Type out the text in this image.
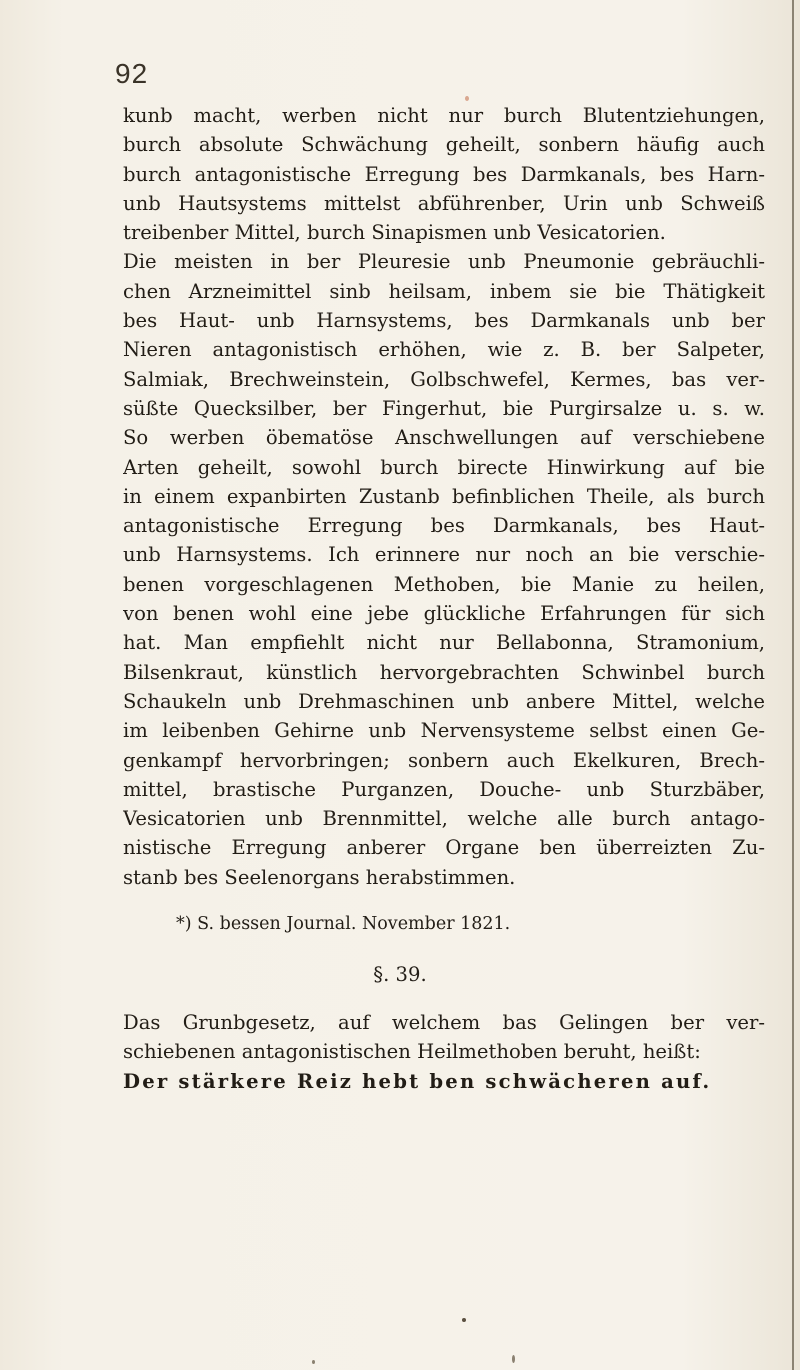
92
kunb macht, werben nicht nur burch Blutentziehungen,
burch absolute Schwächung geheilt, sonbern häufig auch
burch antagonistische Erregung bes Darmkanals, bes Harn-
unb Hautsystems mittelst abführenber, Urin unb Schweiß
treibenber Mittel, burch Sinapismen unb Vesicatorien.
Die meisten in ber Pleuresie unb Pneumonie gebräuchli-
chen Arzneimittel sinb heilsam, inbem sie bie Thätigkeit
bes Haut- unb Harnsystems, bes Darmkanals unb ber
Nieren antagonistisch erhöhen, wie z. B. ber Salpeter,
Salmiak, Brechweinstein, Golbschwefel, Kermes, bas ver-
süßte Quecksilber, ber Fingerhut, bie Purgirsalze u. s. w.
So werben öbematöse Anschwellungen auf verschiebene
Arten geheilt, sowohl burch birecte Hinwirkung auf bie
in einem expanbirten Zustanb befinblichen Theile, als burch
antagonistische Erregung bes Darmkanals, bes Haut-
unb Harnsystems. Ich erinnere nur noch an bie verschie-
benen vorgeschlagenen Methoben, bie Manie zu heilen,
von benen wohl eine jebe glückliche Erfahrungen für sich
hat. Man empfiehlt nicht nur Bellabonna, Stramonium,
Bilsenkraut, künstlich hervorgebrachten Schwinbel burch
Schaukeln unb Drehmaschinen unb anbere Mittel, welche
im leibenben Gehirne unb Nervensysteme selbst einen Ge-
genkampf hervorbringen; sonbern auch Ekelkuren, Brech-
mittel, brastische Purganzen, Douche- unb Sturzbäber,
Vesicatorien unb Brennmittel, welche alle burch antago-
nistische Erregung anberer Organe ben überreizten Zu-
stanb bes Seelenorgans herabstimmen.
*) S. bessen Journal. November 1821.
§. 39.
Das Grunbgesetz, auf welchem bas Gelingen ber ver-
schiebenen antagonistischen Heilmethoben beruht, heißt:
Der stärkere Reiz hebt ben schwächeren auf.
